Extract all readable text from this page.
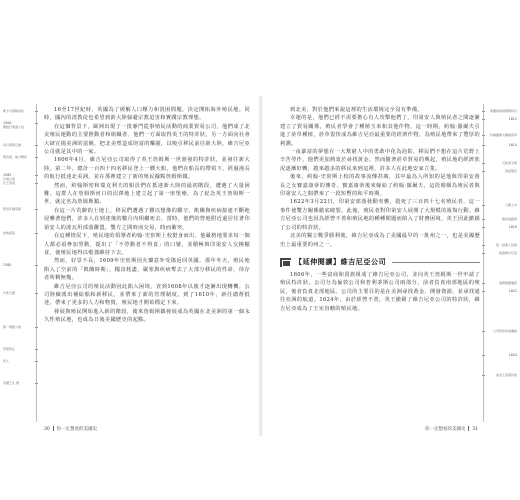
斯卡引探險家約
1500
開始打進黑人奴
印以西斯瓦爾
那州後，後方戰死
1565
沙漠之島
比王堂堂
西班牙國家斯
加地產量
1580
沙普王國
第一場聖公會
伊里特生
西人
英國王生 冊

16至17世紀時，英國為了緩解人口壓力和貧困問題，決定開拓海外殖民地。同時，國內的清教徒也希望到新大陸躲避宗教迫害和實踐宗教理想。

在這個背景下，歐洲出現了一批專門從事殖民活動的商業貿易公司，他們成了北美殖民運動的主要推動者和組織者。他們一方面取得英王的特許狀，另一方面向社會大肆宣揚美洲的富饒，把北美塑造成財富的樂園，以吸引移民前往新大陸，維吉尼亞公司就是其中的一家。

1606年4月，維吉尼亞公司取得了英王詹姆斯一世頒發的特許狀，並發往新大陸。第二年，總計一百四十四名移民登上一艘大船，他們在船長的帶領下，經過漫長的航行抵達北美洲，並在那裡建立了新的殖民據點詹姆斯鎮。

然而，約翰斯密和瑞克利夫的船員們在抵達新大陸的最初階段，遭遇了大量困難。這群人在詹姆斯河口的沼澤地上建立起了第一座堡壘，為了紀念英王詹姆斯一世，就定名為詹姆斯鎮。

在這一片荒僻的土地上，移民們遭遇了難以想像的艱辛。飢餓與疾病接連不斷地侵襲著他們，許多人在到達後的數月內相繼死去。當時，他們的營地附近還居住著印第安人的波瓦坦部落聯盟，雙方之間時而交易，時而衝突。

在這種情況下，殖民地的領導者約翰·史密斯上校挺身而出。他嚴格地要求每一個人都必須參加勞動，提出了「不勞動者不得食」的口號，並積極與印第安人交換糧食，使殖民地得以勉強維持下去。

然而，好景不長，1609年史密斯因火藥意外受傷返回英國。那年冬天，殖民地陷入了空前的「飢餓時期」，糧食耗盡，嚴寒與疾病奪去了大部分移民的性命，倖存者所剩無幾。

維吉尼亞公司的殖民活動因此陷入困境，直到1608年以後才逐漸出現轉機。公司陸續派出補給船和新移民，並帶來了新的管理制度。到了1610年，新任總督抵達，帶來了更多的人力和物資，殖民地才開始穩定下來。

發展與殖民開始進入新的階段，後來詹姆斯鎮發展成為英國在北美洲的第一個永久性殖民地，也成為日後美國歷史的起點。

30 你一定想看的美國史

到北美，對於他們來說這裡的生活環境完全沒有準備。

幸運的是，他們已經不需要擔心有人攻擊他們了。印第安人與殖民者之間逐漸建立了貿易關係，殖民者學會了種植玉米和其他作物。這一時期，約翰·羅爾夫引進了菸草種植，菸草很快成為維吉尼亞最重要的經濟作物，為殖民地帶來了豐厚的利潤。

一夜暴富的夢想在一大幫窮人中的勇敢中化為泡影，移民們不想在這片荒野上辛苦勞作，他們更加熱衷於尋找黃金。然而隨著菸草貿易的興起，殖民地的經濟狀況逐漸好轉，越來越多的移民來到這裡，許多人在此地安家立業。

後來，約翰·史密斯上校的故事流傳甚廣，其中最為人所知的是他與印第安酋長之女寶嘉康蒂的傳奇。寶嘉康蒂後來嫁給了約翰·羅爾夫，這段婚姻為殖民者與印第安人之間帶來了一段短暫的和平時期。

1622年3月22日，印第安部落發動突襲，殺死了三百四十七名殖民者，這一事件使雙方關係徹底破裂。此後，殖民者對印第安人展開了大規模的報復行動。維吉尼亞公司也因為經營不善和殖民地的種種問題而陷入了財務困境，英王因此撤銷了公司的特許狀。

北美的獨立戰爭勝利後，維吉尼亞成為了美國最早的一批州之一，也是美國歷史上最重要的州之一。

【延伸閱讀】維吉尼亞公司

1606年，一些富商和貴族組成了維吉尼亞公司，並向英王詹姆斯一世申請了殖民特許狀。公司分為倫敦公司和普利茅斯公司兩部分，前者負責南部地區的殖民，後者負責北部地區。公司的主要目的是在美洲尋找黃金、開發資源，並尋找通往亞洲的航道。1624年，由於經營不善，英王撤銷了維吉尼亞公司的特許狀，維吉尼亞成為了王室直轄的殖民地。

荷蘭建新阿姆斯特丹
1612
約翰羅爾夫種植菸草
1614
可查清王朝
嘗試殖民
公開上市
殖民地議會
1619
第一批黑人奴隸
抵達維吉尼亞
詹姆斯鎮屠殺
1622
公司特許狀被撤銷
1624
成為王室殖民地
你一定想看的美國史 31
